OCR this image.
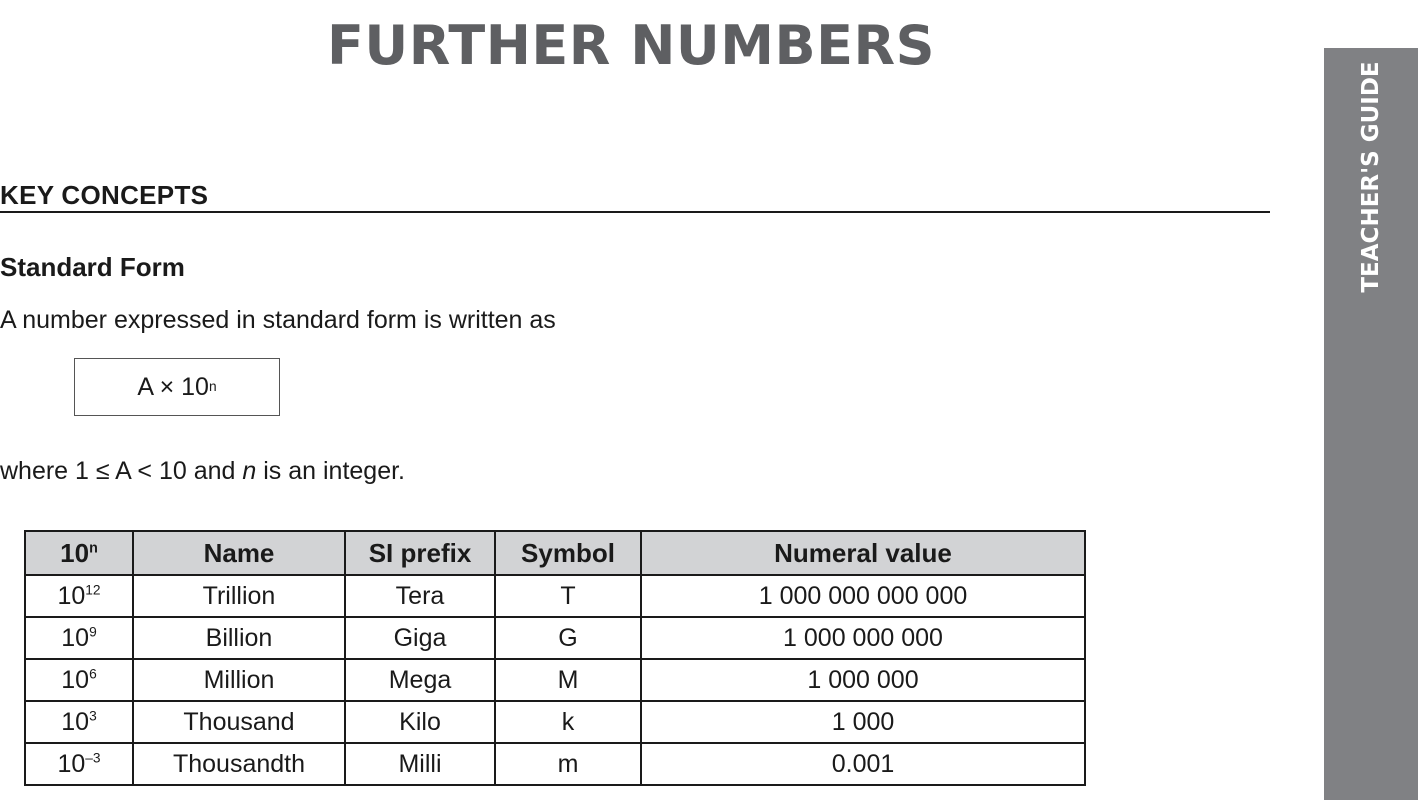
FURTHER NUMBERS
TEACHER'S GUIDE
KEY CONCEPTS
Standard Form

A number expressed in standard form is written as

A × 10 n

where 1 ≤ A < 10 and n is an integer.

10$^n$	Name	SI prefix	Symbol	Numeral value
$10^{12}$	Trillion	Tera	T	1 000 000 000 000
$10^9$	Billion	Giga	G	1 000 000 000
$10^6$	Million	Mega	M	1 000 000
$10^3$	Thousand	Kilo	k	1 000
$10^{-3}$	Thousandth	Milli	m	0.001
